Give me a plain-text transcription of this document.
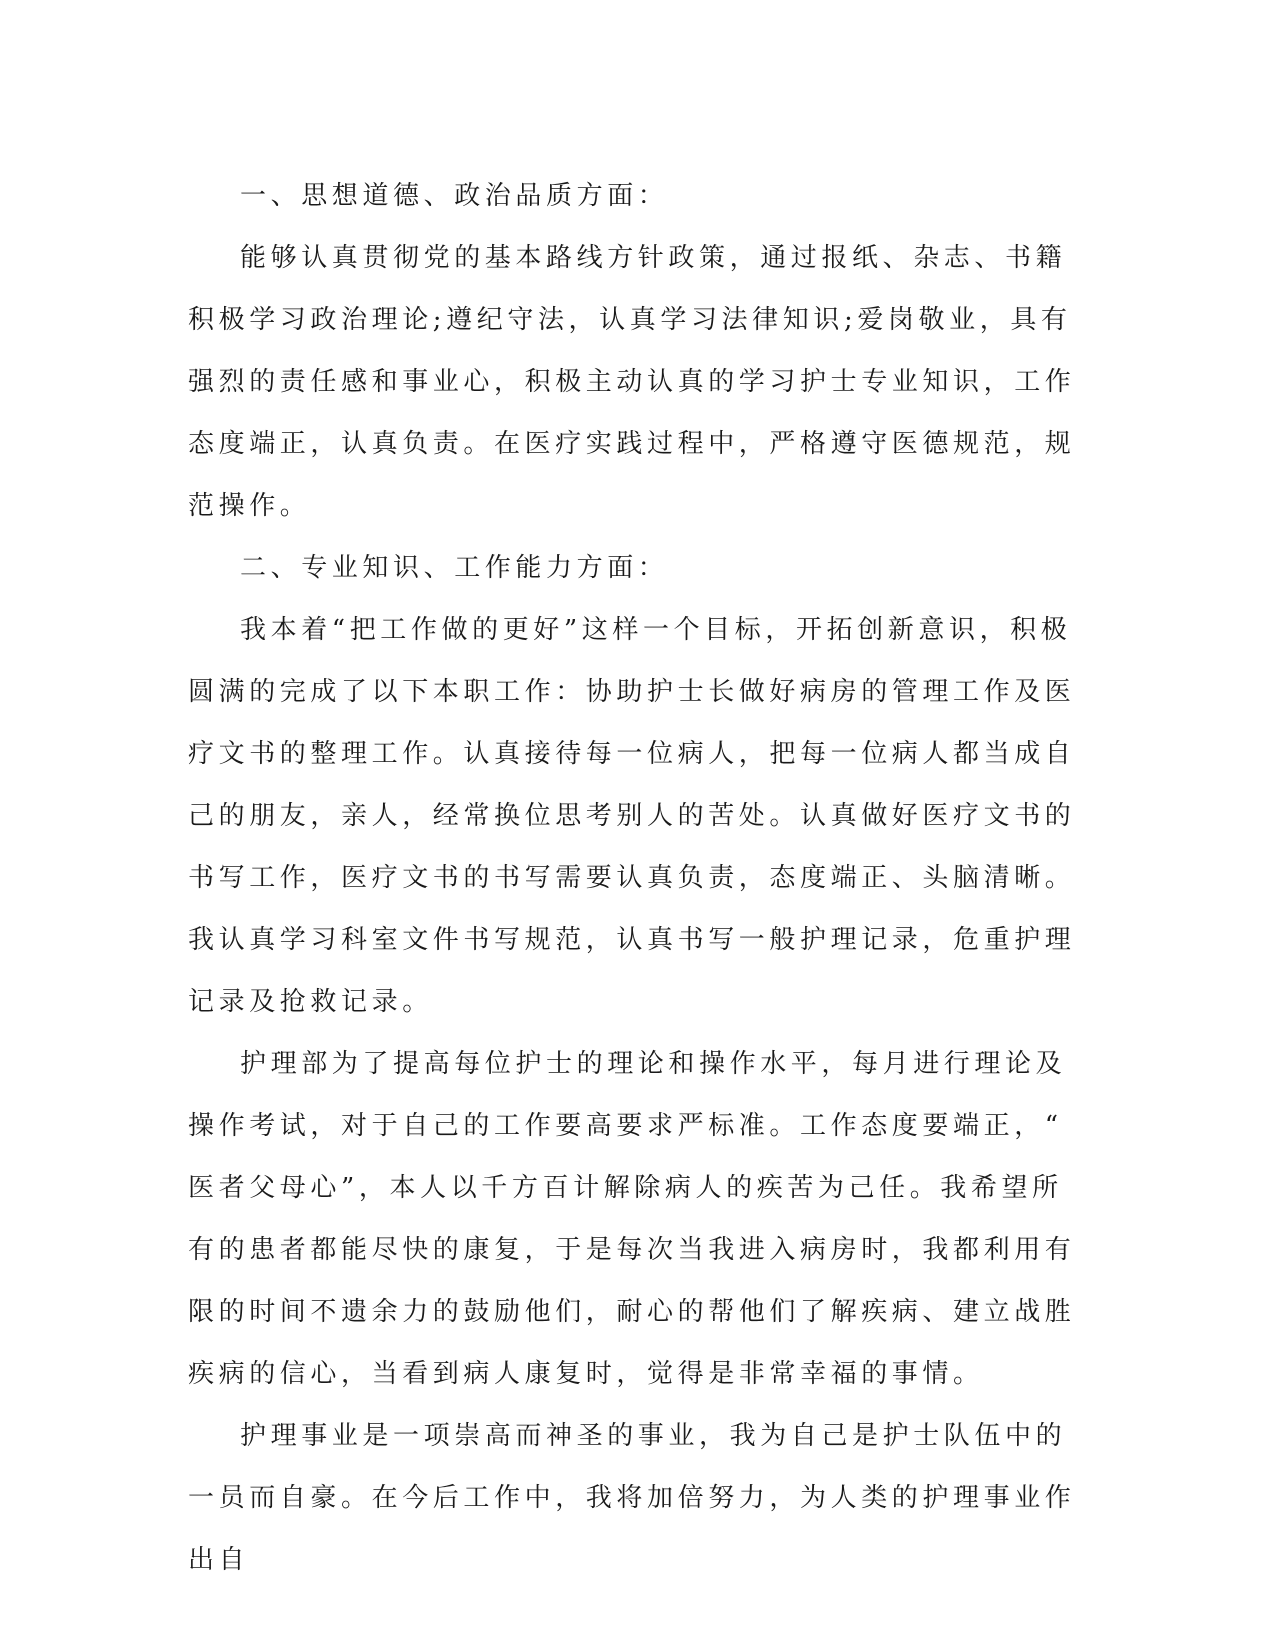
一、思想道德、政治品质方面：

能够认真贯彻党的基本路线方针政策，通过报纸、杂志、书籍积极学习政治理论;遵纪守法，认真学习法律知识;爱岗敬业，具有强烈的责任感和事业心，积极主动认真的学习护士专业知识，工作态度端正，认真负责。在医疗实践过程中，严格遵守医德规范，规范操作。

二、专业知识、工作能力方面：

我本着“把工作做的更好”这样一个目标，开拓创新意识，积极圆满的完成了以下本职工作：协助护士长做好病房的管理工作及医疗文书的整理工作。认真接待每一位病人，把每一位病人都当成自己的朋友，亲人，经常换位思考别人的苦处。认真做好医疗文书的书写工作，医疗文书的书写需要认真负责，态度端正、头脑清晰。我认真学习科室文件书写规范，认真书写一般护理记录，危重护理记录及抢救记录。

护理部为了提高每位护士的理论和操作水平，每月进行理论及操作考试，对于自己的工作要高要求严标准。工作态度要端正，“医者父母心”，本人以千方百计解除病人的疾苦为己任。我希望所有的患者都能尽快的康复，于是每次当我进入病房时，我都利用有限的时间不遗余力的鼓励他们，耐心的帮他们了解疾病、建立战胜疾病的信心，当看到病人康复时，觉得是非常幸福的事情。

护理事业是一项崇高而神圣的事业，我为自己是护士队伍中的一员而自豪。在今后工作中，我将加倍努力，为人类的护理事业作出自
